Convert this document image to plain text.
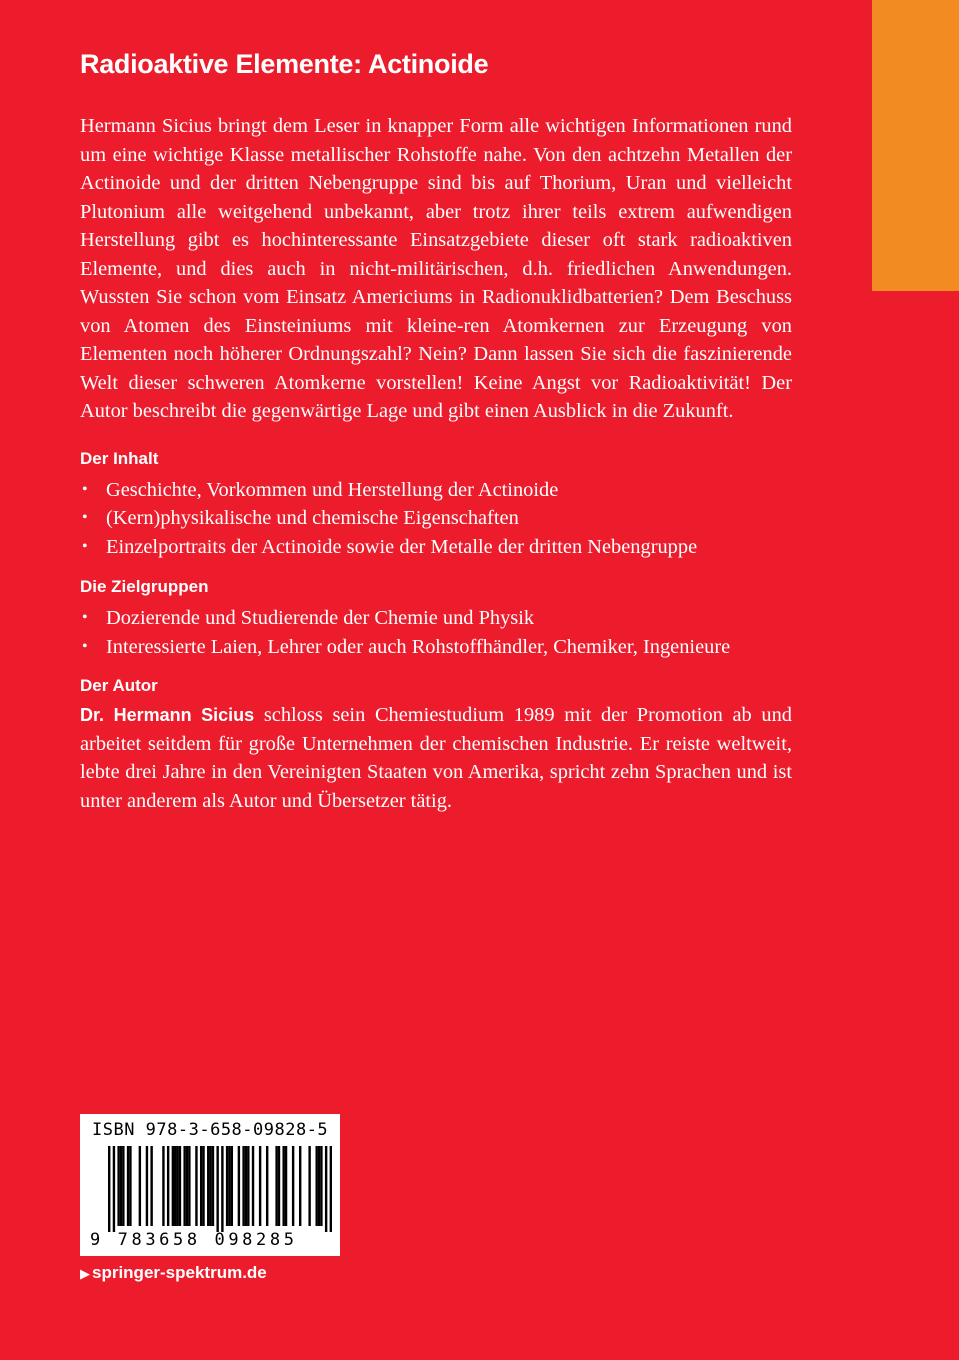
Radioaktive Elemente: Actinoide

Hermann Sicius bringt dem Leser in knapper Form alle wichtigen Informationen rund um eine wichtige Klasse metallischer Rohstoffe nahe. Von den achtzehn Metallen der Actinoide und der dritten Nebengruppe sind bis auf Thorium, Uran und vielleicht Plutonium alle weitgehend unbekannt, aber trotz ihrer teils extrem aufwendigen Herstellung gibt es hochinteressante Einsatzgebiete dieser oft stark radioaktiven Elemente, und dies auch in nicht-militärischen, d.h. friedlichen Anwendungen. Wussten Sie schon vom Einsatz Americiums in Radionuklidbatterien? Dem Beschuss von Atomen des Einsteiniums mit kleine-ren Atomkernen zur Erzeugung von Elementen noch höherer Ordnungszahl? Nein? Dann lassen Sie sich die faszinierende Welt dieser schweren Atomkerne vorstellen! Keine Angst vor Radioaktivität! Der Autor beschreibt die gegenwärtige Lage und gibt einen Ausblick in die Zukunft.

Der Inhalt
• Geschichte, Vorkommen und Herstellung der Actinoide
• (Kern)physikalische und chemische Eigenschaften
• Einzelportraits der Actinoide sowie der Metalle der dritten Nebengruppe
Die Zielgruppen
• Dozierende und Studierende der Chemie und Physik
• Interessierte Laien, Lehrer oder auch Rohstoffhändler, Chemiker, Ingenieure
Der Autor

Dr. Hermann Sicius schloss sein Chemiestudium 1989 mit der Promotion ab und arbeitet seitdem für große Unternehmen der chemischen Industrie. Er reiste weltweit, lebte drei Jahre in den Vereinigten Staaten von Amerika, spricht zehn Sprachen und ist unter anderem als Autor und Übersetzer tätig.

ISBN 978-3-658-09828-5

9 783658 098285

▶ springer-spektrum.de
